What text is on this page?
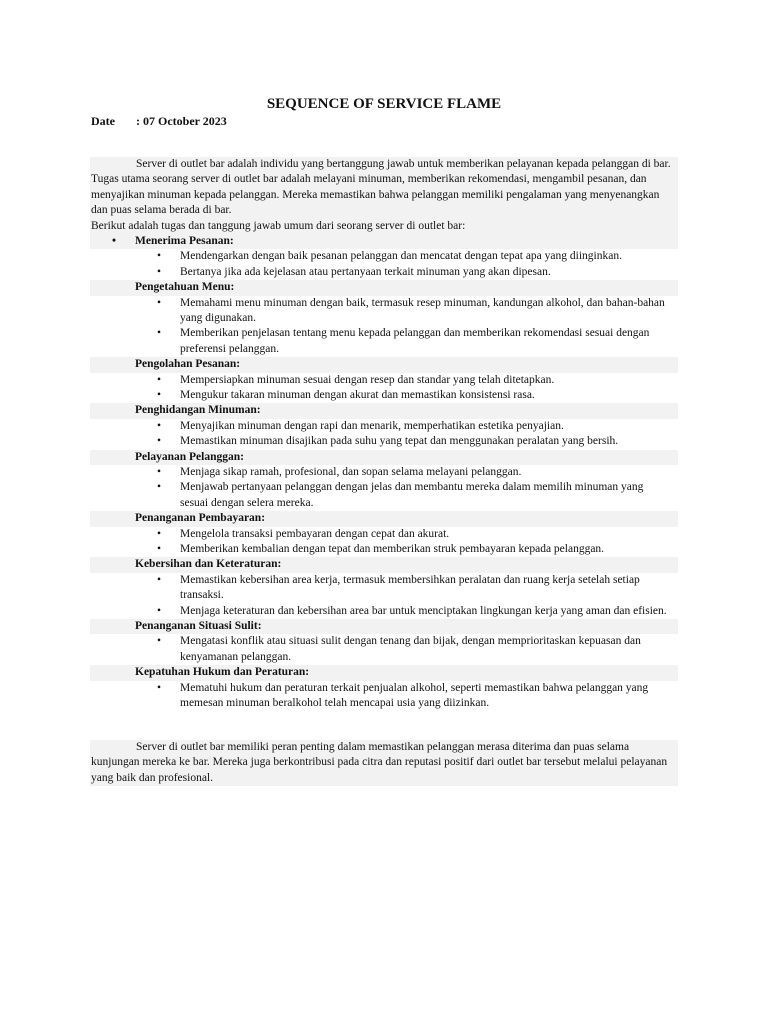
SEQUENCE OF SERVICE FLAME
Date : 07 October 2023

Server di outlet bar adalah individu yang bertanggung jawab untuk memberikan pelayanan kepada pelanggan di bar. Tugas utama seorang server di outlet bar adalah melayani minuman, memberikan rekomendasi, mengambil pesanan, dan menyajikan minuman kepada pelanggan. Mereka memastikan bahwa pelanggan memiliki pengalaman yang menyenangkan dan puas selama berada di bar.

Berikut adalah tugas dan tanggung jawab umum dari seorang server di outlet bar:

• Menerima Pesanan:
• Mendengarkan dengan baik pesanan pelanggan dan mencatat dengan tepat apa yang diinginkan.
• Bertanya jika ada kejelasan atau pertanyaan terkait minuman yang akan dipesan.
Pengetahuan Menu:
• Memahami menu minuman dengan baik, termasuk resep minuman, kandungan alkohol, dan bahan-bahan yang digunakan.
• Memberikan penjelasan tentang menu kepada pelanggan dan memberikan rekomendasi sesuai dengan preferensi pelanggan.
Pengolahan Pesanan:
• Mempersiapkan minuman sesuai dengan resep dan standar yang telah ditetapkan.
• Mengukur takaran minuman dengan akurat dan memastikan konsistensi rasa.
Penghidangan Minuman:
• Menyajikan minuman dengan rapi dan menarik, memperhatikan estetika penyajian.
• Memastikan minuman disajikan pada suhu yang tepat dan menggunakan peralatan yang bersih.
Pelayanan Pelanggan:
• Menjaga sikap ramah, profesional, dan sopan selama melayani pelanggan.
• Menjawab pertanyaan pelanggan dengan jelas dan membantu mereka dalam memilih minuman yang sesuai dengan selera mereka.
Penanganan Pembayaran:
• Mengelola transaksi pembayaran dengan cepat dan akurat.
• Memberikan kembalian dengan tepat dan memberikan struk pembayaran kepada pelanggan.
Kebersihan dan Keteraturan:
• Memastikan kebersihan area kerja, termasuk membersihkan peralatan dan ruang kerja setelah setiap transaksi.
• Menjaga keteraturan dan kebersihan area bar untuk menciptakan lingkungan kerja yang aman dan efisien.
Penanganan Situasi Sulit:
• Mengatasi konflik atau situasi sulit dengan tenang dan bijak, dengan memprioritaskan kepuasan dan kenyamanan pelanggan.
Kepatuhan Hukum dan Peraturan:
• Mematuhi hukum dan peraturan terkait penjualan alkohol, seperti memastikan bahwa pelanggan yang memesan minuman beralkohol telah mencapai usia yang diizinkan.

Server di outlet bar memiliki peran penting dalam memastikan pelanggan merasa diterima dan puas selama kunjungan mereka ke bar. Mereka juga berkontribusi pada citra dan reputasi positif dari outlet bar tersebut melalui pelayanan yang baik dan profesional.
